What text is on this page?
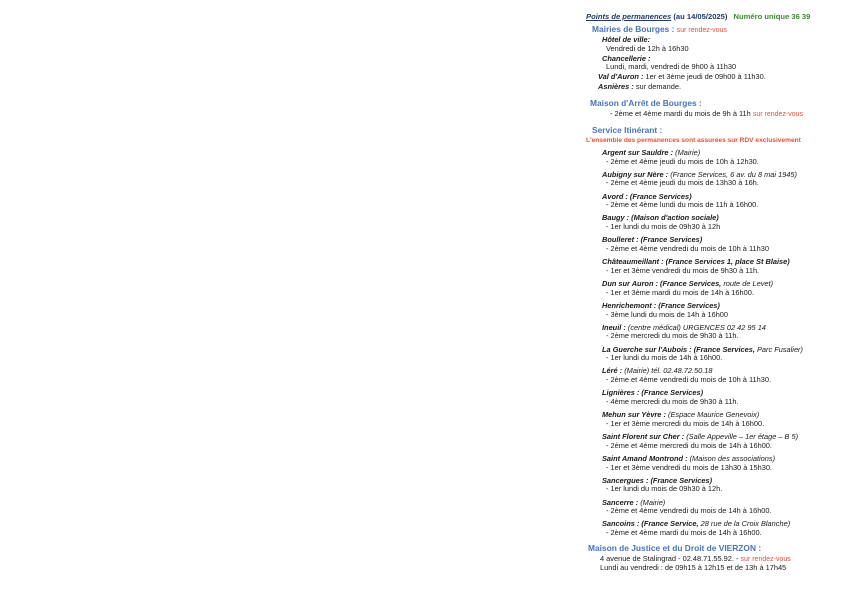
Points de permanences (au 14/05/2025) Numéro unique 36 39
Mairies de Bourges : sur rendez-vous
Hôtel de ville:
Vendredi de 12h à 16h30
Chancellerie :
Lundi, mardi, vendredi de 9h00 à 11h30
Val d'Auron : 1er et 3ème jeudi de 09h00 à 11h30.
Asnières : sur demande.
Maison d'Arrêt de Bourges :
- 2ème et 4ème mardi du mois de 9h à 11h sur rendez-vous
Service Itinérant :
L'ensemble des permanences sont assurées sur RDV exclusivement
Argent sur Sauldre : (Mairie)
- 2ème et 4ème jeudi du mois de 10h à 12h30.
Aubigny sur Nère : (France Services, 6 av. du 8 mai 1945)
- 2ème et 4ème jeudi du mois de 13h30 à 16h.
Avord : (France Services)
- 2ème et 4ème lundi du mois de 11h à 16h00.
Baugy : (Maison d'action sociale)
- 1er lundi du mois de 09h30 à 12h
Boulleret : (France Services)
- 2ème et 4ème vendredi du mois de 10h à 11h30
Châteaumeillant : (France Services 1, place St Blaise)
- 1er et 3ème vendredi du mois de 9h30 à 11h.
Dun sur Auron : (France Services, route de Levet)
- 1er et 3ème mardi du mois de 14h à 16h00.
Henrichemont : (France Services)
- 3ème lundi du mois de 14h à 16h00
Ineuil : (centre médical) URGENCES 02 42 95 14
- 2ème mercredi du mois de 9h30 à 11h.
La Guerche sur l'Aubois : (France Services, Parc Fusalier)
- 1er lundi du mois de 14h à 16h00.
Léré : (Mairie) tél. 02.48.72.50.18
- 2ème et 4ème vendredi du mois de 10h à 11h30.
Lignières : (France Services)
- 4ème mercredi du mois de 9h30 à 11h.
Mehun sur Yèvre : (Espace Maurice Genevoix)
- 1er et 3ème mercredi du mois de 14h à 16h00.
Saint Florent sur Cher : (Salle Appeville – 1er étage – B 5)
- 2ème et 4ème mercredi du mois de 14h à 16h00.
Saint Amand Montrond : (Maison des associations)
- 1er et 3ème vendredi du mois de 13h30 à 15h30.
Sancergues : (France Services)
- 1er lundi du mois de 09h30 à 12h.
Sancerre : (Mairie)
- 2ème et 4ème vendredi du mois de 14h à 16h00.
Sancoins : (France Service, 28 rue de la Croix Blanche)
- 2ème et 4ème mardi du mois de 14h à 16h00.
Maison de Justice et du Droit de VIERZON :
4 avenue de Stalingrad - 02.48.71.55.92. - sur rendez-vous
Lundi au vendredi : de 09h15 à 12h15 et de 13h à 17h45
